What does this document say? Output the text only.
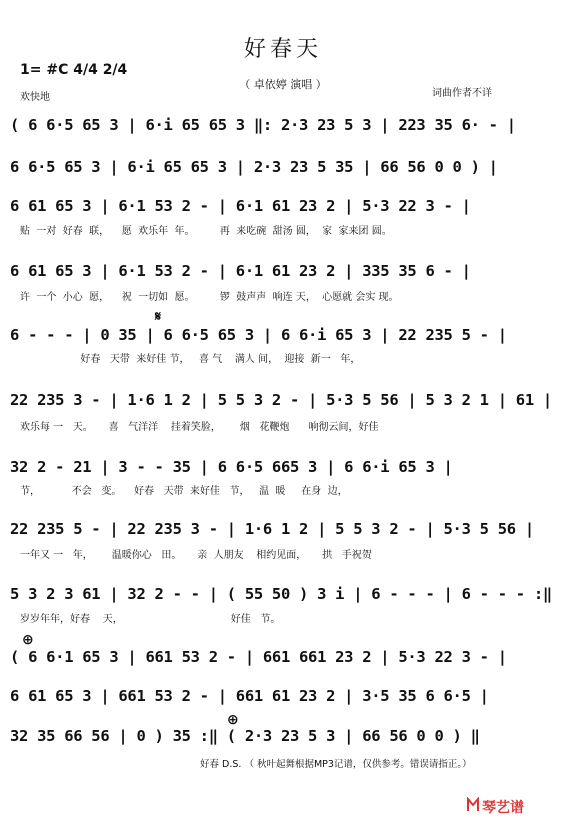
好春天
（ 卓依婷 演唱 ）
1= #C 4/4 2/4
欢快地	词曲作者不详
( 6 6·5 65 3 | 6·i 65 65 3 ‖: 2·3 23 5 3 | 223 35 6· - |
6 6·5 65 3 | 6·i 65 65 3 | 2·3 23 5 35 | 66 56 0 0 ) |
6 61 65 3 | 6·1 53 2 - | 6·1 61 23 2 | 5·3 22 3 - |
贴  一对  好春  联，    愿  欢乐年  年。        再  来吃碗  甜汤 圆，  家  家来团 圆。
6 61 65 3 | 6·1 53 2 - | 6·1 61 23 2 | 335 35 6 - |
许  一个  小心  愿，    祝  一切如  愿。        锣  鼓声声  响连 天，  心愿就 会实 现。
6 - - - | 0 35 | 6 6·5 65 3 | 6 6·i 65 3 | 22 235 5 - |
好春   天带  来好佳 节，   喜 气    满人 间，  迎接  新一   年，
22 235 3 - | 1·6 1 2 | 5 5 3 2 - | 5·3 5 56 | 5 3 2 1 | 61 |
欢乐每 一   天。     喜   气洋洋    挂着笑脸，      烟   花鞭炮      响彻云间，好佳
32 2 - 21 | 3 - - 35 | 6 6·5 665 3 | 6 6·i 65 3 |
节，          不会   变。    好春   天带  来好佳   节，   温  暖     在身  边，
22 235 5 - | 22 235 3 - | 1·6 1 2 | 5 5 3 2 - | 5·3 5 56 |
一年又 一   年，      温暖你心   田。     亲  人朋友    相约见面，     拱   手祝贺
5 3 2 3 61 | 32 2 - - | ( 55 50 ) 3 i | 6 - - - | 6 - - - :‖
岁岁年年，好春    天，                                  好佳   节。
( 6 6·1 65 3 | 661 53 2 - | 661 661 23 2 | 5·3 22 3 - |
6 61 65 3 | 661 53 2 - | 661 61 23 2 | 3·5 35 6 6·5 |
32 35 66 56 | 0 ) 35 :‖ ( 2·3 23 5 3 | 66 56 0 0 ) ‖
𝄋
⊕
⊕
好春 D.S. （ 秋叶起舞根据MP3记谱，仅供参考。错误请指正。）
琴艺谱
